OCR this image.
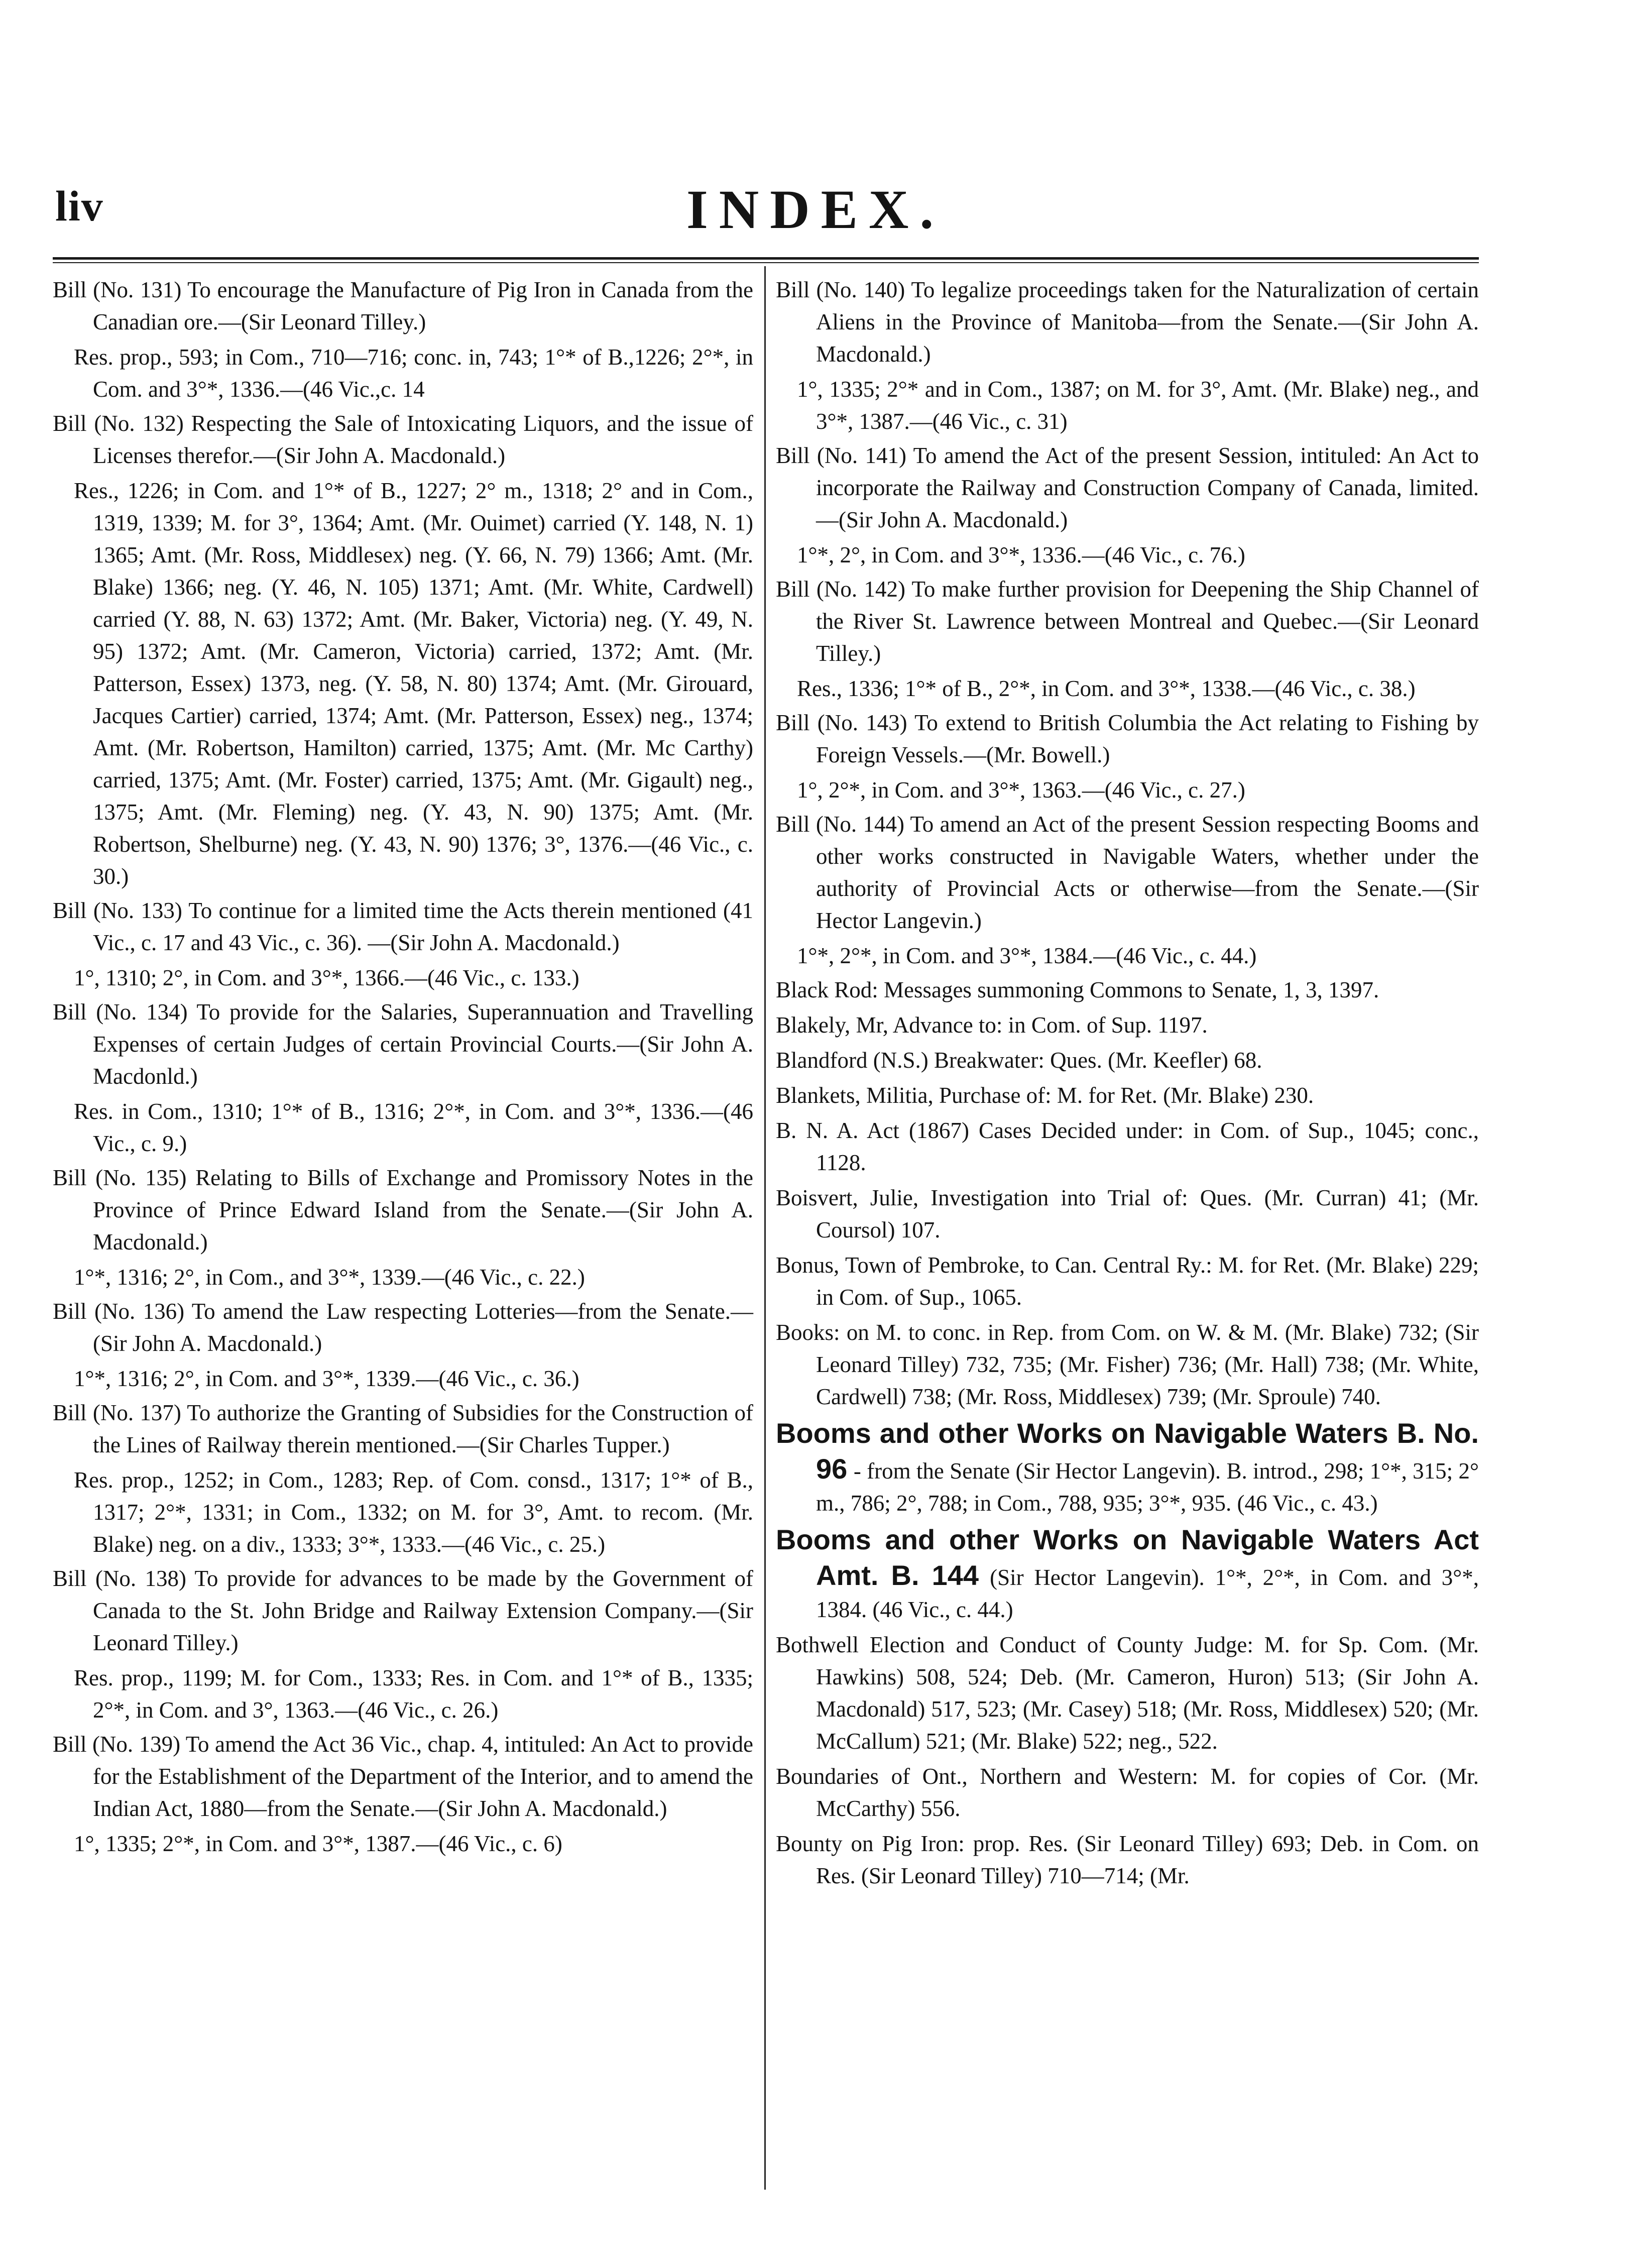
liv	INDEX.
Bill (No. 131) To encourage the Manufacture of Pig Iron in Canada from the Canadian ore.—(Sir Leonard Tilley.)
Res. prop., 593; in Com., 710—716; conc. in, 743; 1°* of B.,1226; 2°*, in Com. and 3°*, 1336.—(46 Vic.,c. 14
Bill (No. 132) Respecting the Sale of Intoxicating Liquors, and the issue of Licenses therefor.—(Sir John A. Macdonald.)
Res., 1226; in Com. and 1°* of B., 1227; 2° m., 1318; 2° and in Com., 1319, 1339; M. for 3°, 1364; Amt. (Mr. Ouimet) carried (Y. 148, N. 1) 1365; Amt. (Mr. Ross, Middlesex) neg. (Y. 66, N. 79) 1366; Amt. (Mr. Blake) 1366; neg. (Y. 46, N. 105) 1371; Amt. (Mr. White, Cardwell) carried (Y. 88, N. 63) 1372; Amt. (Mr. Baker, Victoria) neg. (Y. 49, N. 95) 1372; Amt. (Mr. Cameron, Victoria) carried, 1372; Amt. (Mr. Patterson, Essex) 1373, neg. (Y. 58, N. 80) 1374; Amt. (Mr. Girouard, Jacques Cartier) carried, 1374; Amt. (Mr. Patterson, Essex) neg., 1374; Amt. (Mr. Robertson, Hamilton) carried, 1375; Amt. (Mr. Mc Carthy) carried, 1375; Amt. (Mr. Foster) carried, 1375; Amt. (Mr. Gigault) neg., 1375; Amt. (Mr. Fleming) neg. (Y. 43, N. 90) 1375; Amt. (Mr. Robertson, Shelburne) neg. (Y. 43, N. 90) 1376; 3°, 1376.—(46 Vic., c. 30.)
Bill (No. 133) To continue for a limited time the Acts therein mentioned (41 Vic., c. 17 and 43 Vic., c. 36). —(Sir John A. Macdonald.)
1°, 1310; 2°, in Com. and 3°*, 1366.—(46 Vic., c. 133.)
Bill (No. 134) To provide for the Salaries, Superannuation and Travelling Expenses of certain Judges of certain Provincial Courts.—(Sir John A. Macdonld.)
Res. in Com., 1310; 1°* of B., 1316; 2°*, in Com. and 3°*, 1336.—(46 Vic., c. 9.)
Bill (No. 135) Relating to Bills of Exchange and Promissory Notes in the Province of Prince Edward Island from the Senate.—(Sir John A. Macdonald.)
1°*, 1316; 2°, in Com., and 3°*, 1339.—(46 Vic., c. 22.)
Bill (No. 136) To amend the Law respecting Lotteries—from the Senate.—(Sir John A. Macdonald.)
1°*, 1316; 2°, in Com. and 3°*, 1339.—(46 Vic., c. 36.)
Bill (No. 137) To authorize the Granting of Subsidies for the Construction of the Lines of Railway therein mentioned.—(Sir Charles Tupper.)
Res. prop., 1252; in Com., 1283; Rep. of Com. consd., 1317; 1°* of B., 1317; 2°*, 1331; in Com., 1332; on M. for 3°, Amt. to recom. (Mr. Blake) neg. on a div., 1333; 3°*, 1333.—(46 Vic., c. 25.)
Bill (No. 138) To provide for advances to be made by the Government of Canada to the St. John Bridge and Railway Extension Company.—(Sir Leonard Tilley.)
Res. prop., 1199; M. for Com., 1333; Res. in Com. and 1°* of B., 1335; 2°*, in Com. and 3°, 1363.—(46 Vic., c. 26.)
Bill (No. 139) To amend the Act 36 Vic., chap. 4, intituled: An Act to provide for the Establishment of the Department of the Interior, and to amend the Indian Act, 1880—from the Senate.—(Sir John A. Macdonald.)
1°, 1335; 2°*, in Com. and 3°*, 1387.—(46 Vic., c. 6)
Bill (No. 140) To legalize proceedings taken for the Naturalization of certain Aliens in the Province of Manitoba—from the Senate.—(Sir John A. Macdonald.)
1°, 1335; 2°* and in Com., 1387; on M. for 3°, Amt. (Mr. Blake) neg., and 3°*, 1387.—(46 Vic., c. 31)
Bill (No. 141) To amend the Act of the present Session, intituled: An Act to incorporate the Railway and Construction Company of Canada, limited.—(Sir John A. Macdonald.)
1°*, 2°, in Com. and 3°*, 1336.—(46 Vic., c. 76.)
Bill (No. 142) To make further provision for Deepening the Ship Channel of the River St. Lawrence between Montreal and Quebec.—(Sir Leonard Tilley.)
Res., 1336; 1°* of B., 2°*, in Com. and 3°*, 1338.—(46 Vic., c. 38.)
Bill (No. 143) To extend to British Columbia the Act relating to Fishing by Foreign Vessels.—(Mr. Bowell.)
1°, 2°*, in Com. and 3°*, 1363.—(46 Vic., c. 27.)
Bill (No. 144) To amend an Act of the present Session respecting Booms and other works constructed in Navigable Waters, whether under the authority of Provincial Acts or otherwise—from the Senate.—(Sir Hector Langevin.)
1°*, 2°*, in Com. and 3°*, 1384.—(46 Vic., c. 44.)
Black Rod: Messages summoning Commons to Senate, 1, 3, 1397.
Blakely, Mr, Advance to: in Com. of Sup. 1197.
Blandford (N.S.) Breakwater: Ques. (Mr. Keefler) 68.
Blankets, Militia, Purchase of: M. for Ret. (Mr. Blake) 230.
B. N. A. Act (1867) Cases Decided under: in Com. of Sup., 1045; conc., 1128.
Boisvert, Julie, Investigation into Trial of: Ques. (Mr. Curran) 41; (Mr. Coursol) 107.
Bonus, Town of Pembroke, to Can. Central Ry.: M. for Ret. (Mr. Blake) 229; in Com. of Sup., 1065.
Books: on M. to conc. in Rep. from Com. on W. & M. (Mr. Blake) 732; (Sir Leonard Tilley) 732, 735; (Mr. Fisher) 736; (Mr. Hall) 738; (Mr. White, Cardwell) 738; (Mr. Ross, Middlesex) 739; (Mr. Sproule) 740.
Booms and other Works on Navigable Waters B. No. 96 - from the Senate (Sir Hector Langevin). B. introd., 298; 1°*, 315; 2° m., 786; 2°, 788; in Com., 788, 935; 3°*, 935. (46 Vic., c. 43.)
Booms and other Works on Navigable Waters Act Amt. B. 144 (Sir Hector Langevin). 1°*, 2°*, in Com. and 3°*, 1384. (46 Vic., c. 44.)
Bothwell Election and Conduct of County Judge: M. for Sp. Com. (Mr. Hawkins) 508, 524; Deb. (Mr. Cameron, Huron) 513; (Sir John A. Macdonald) 517, 523; (Mr. Casey) 518; (Mr. Ross, Middlesex) 520; (Mr. McCallum) 521; (Mr. Blake) 522; neg., 522.
Boundaries of Ont., Northern and Western: M. for copies of Cor. (Mr. McCarthy) 556.
Bounty on Pig Iron: prop. Res. (Sir Leonard Tilley) 693; Deb. in Com. on Res. (Sir Leonard Tilley) 710—714; (Mr.
